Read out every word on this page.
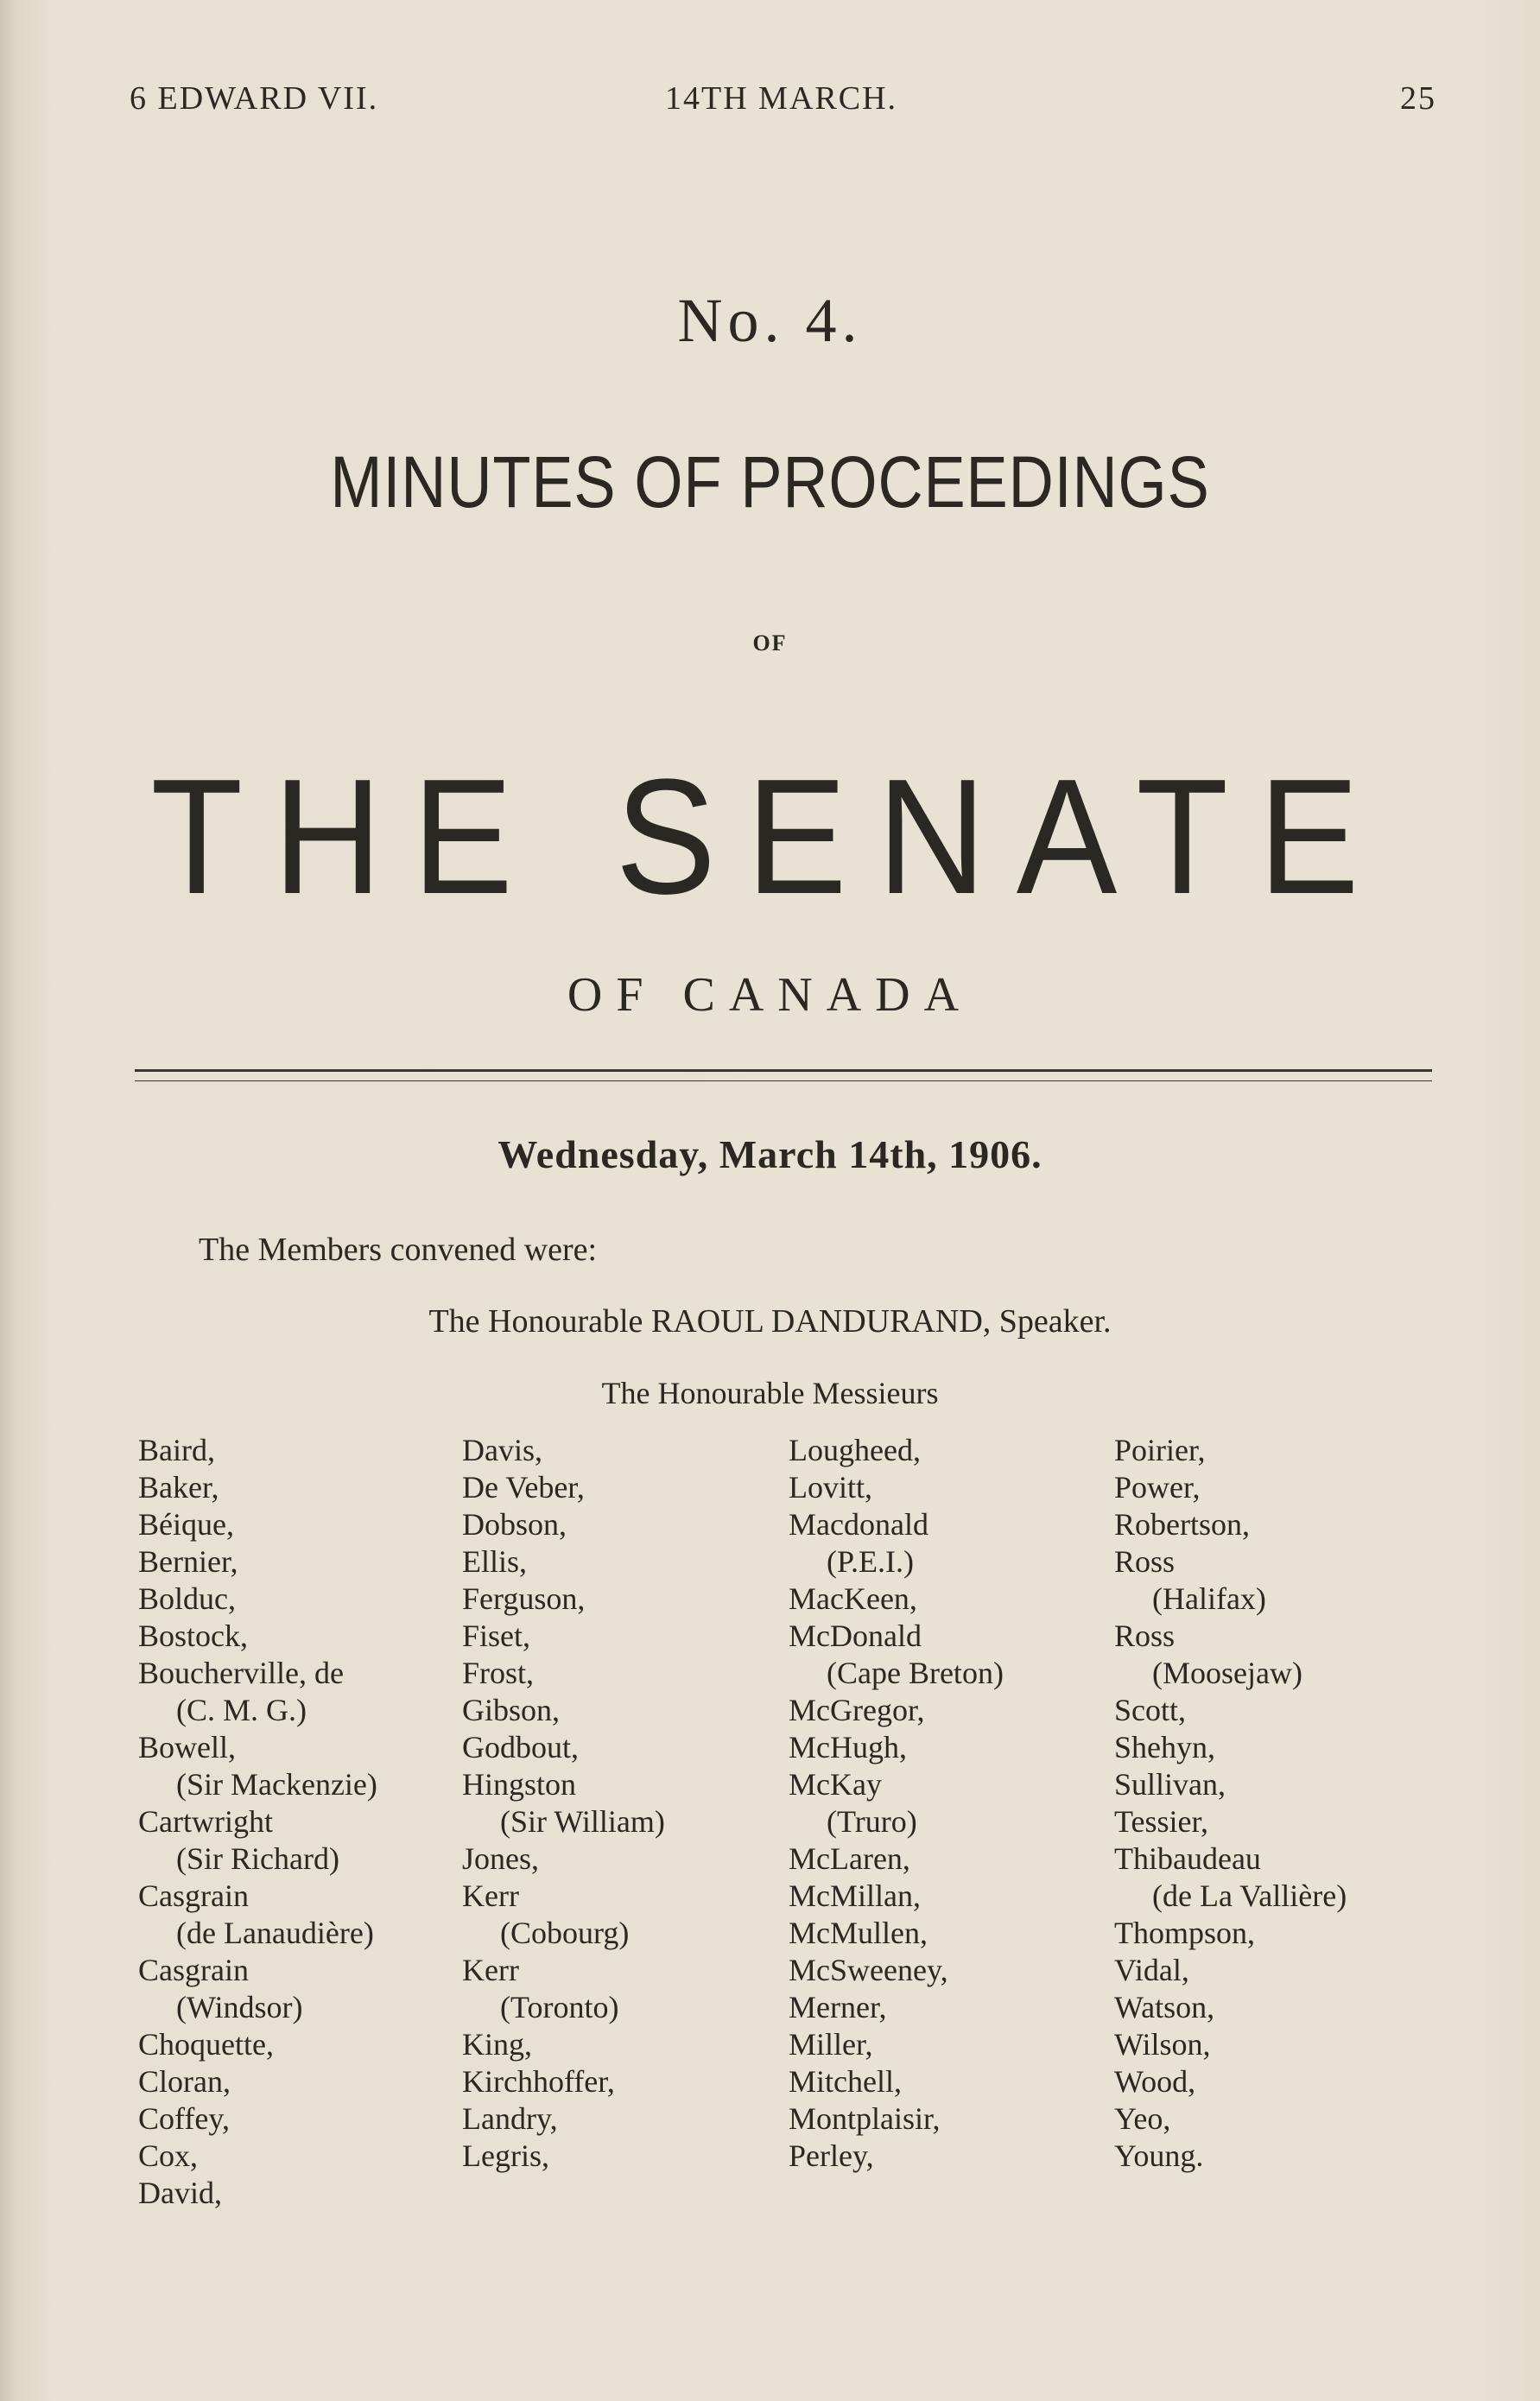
6 EDWARD VII.	14TH MARCH.	25
No. 4.
MINUTES OF PROCEEDINGS
OF
THE SENATE
OF CANADA
Wednesday, March 14th, 1906.
The Members convened were:
The Honourable RAOUL DANDURAND, Speaker.
The Honourable Messieurs
Baird,
Baker,
Béique,
Bernier,
Bolduc,
Bostock,
Boucherville, de
(C. M. G.)
Bowell,
(Sir Mackenzie)
Cartwright
(Sir Richard)
Casgrain
(de Lanaudière)
Casgrain
(Windsor)
Choquette,
Cloran,
Coffey,
Cox,
David,
Davis,
De Veber,
Dobson,
Ellis,
Ferguson,
Fiset,
Frost,
Gibson,
Godbout,
Hingston
(Sir William)
Jones,
Kerr
(Cobourg)
Kerr
(Toronto)
King,
Kirchhoffer,
Landry,
Legris,
Lougheed,
Lovitt,
Macdonald
(P.E.I.)
MacKeen,
McDonald
(Cape Breton)
McGregor,
McHugh,
McKay
(Truro)
McLaren,
McMillan,
McMullen,
McSweeney,
Merner,
Miller,
Mitchell,
Montplaisir,
Perley,
Poirier,
Power,
Robertson,
Ross
(Halifax)
Ross
(Moosejaw)
Scott,
Shehyn,
Sullivan,
Tessier,
Thibaudeau
(de La Vallière)
Thompson,
Vidal,
Watson,
Wilson,
Wood,
Yeo,
Young.
